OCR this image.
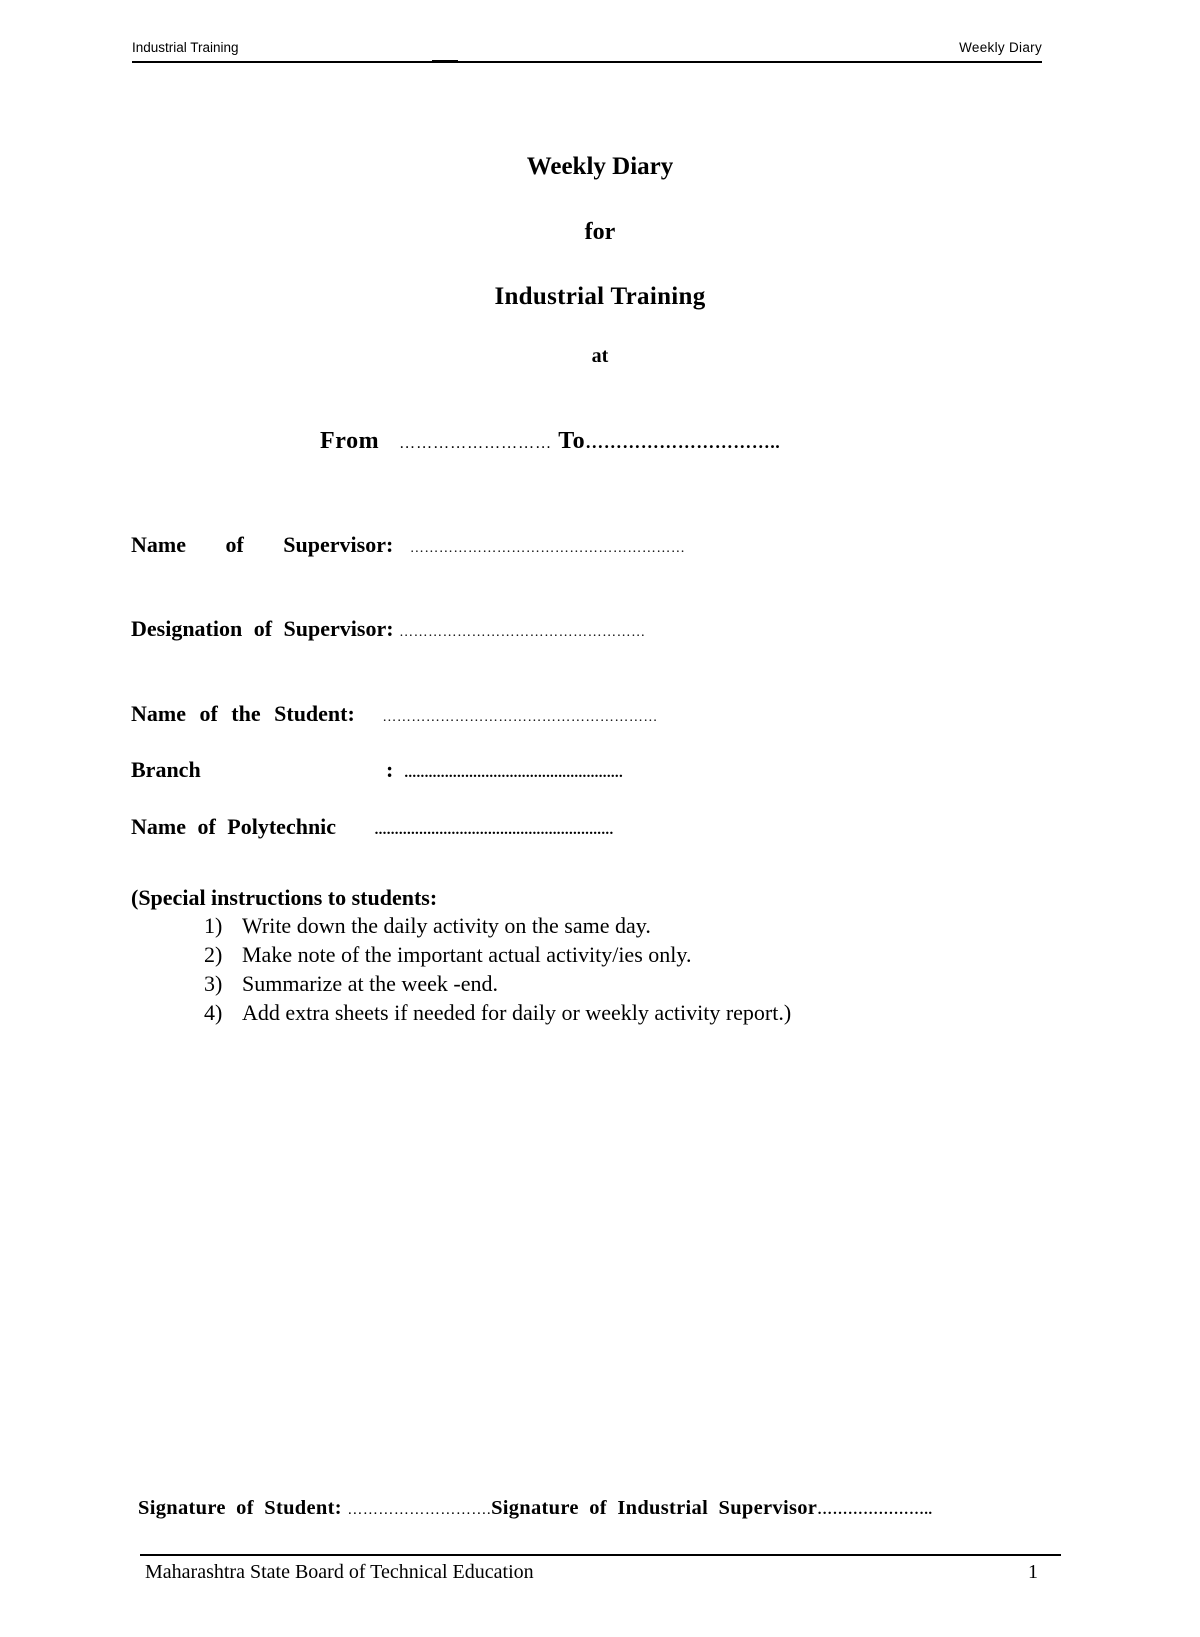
Industrial Training	Weekly Diary
Weekly Diary
for
Industrial Training
at
From ……………………… To…………………………..
Name of Supervisor: …………………………………………………
Designation of Supervisor: ……………………………………………
Name of the Student: …………………………………………………
Branch	: ......................................................
Name of Polytechnic	...........................................................
(Special instructions to students:
1) Write down the daily activity on the same day.
2) Make note of the important actual activity/ies only.
3) Summarize at the week -end.
4) Add extra sheets if needed for daily or weekly activity report.)
Signature of Student: ……………………….Signature of Industrial Supervisor…………………..
Maharashtra State Board of Technical Education	1
